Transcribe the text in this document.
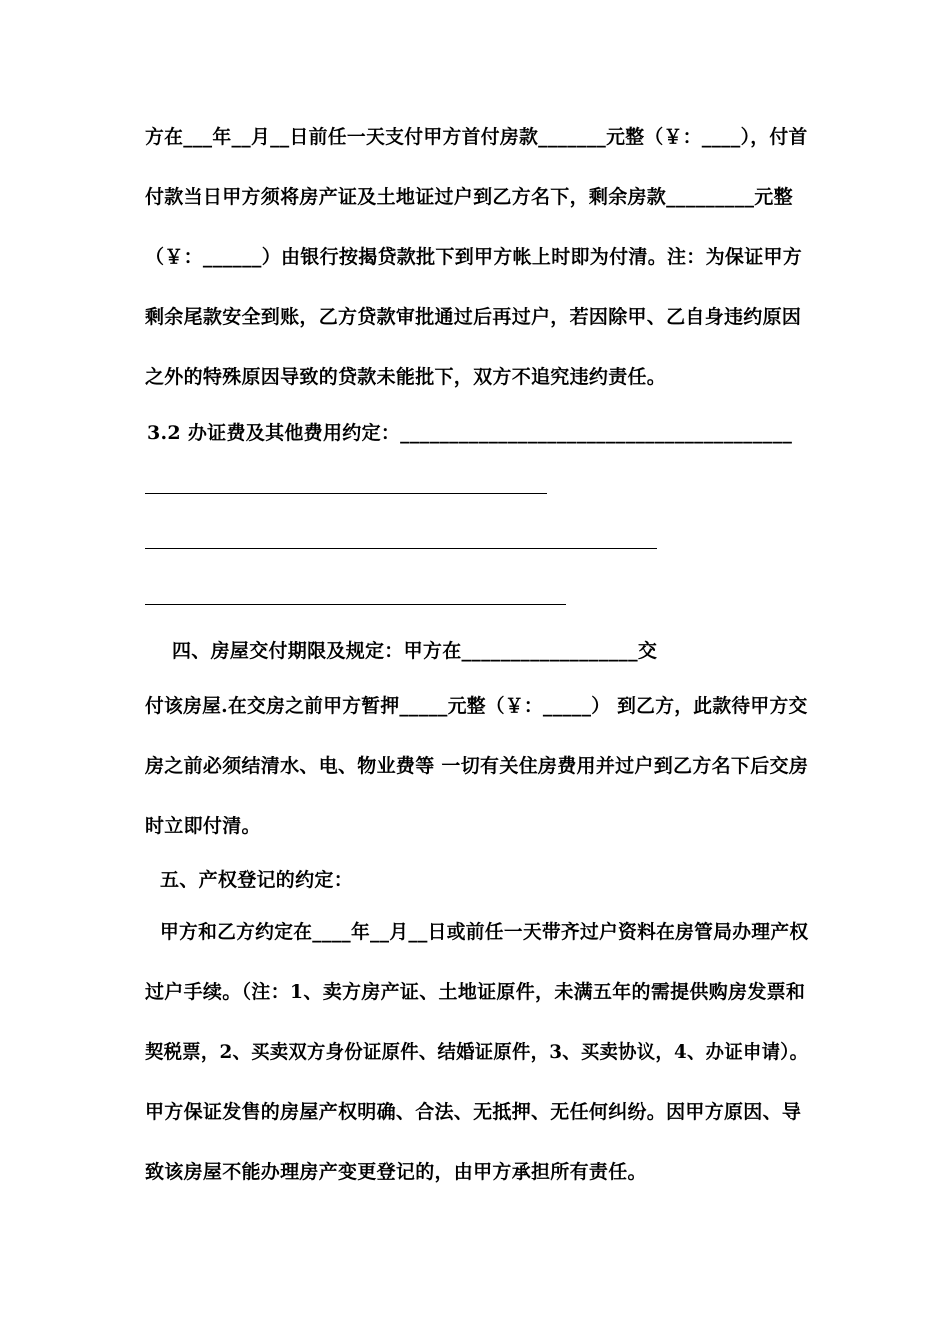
方在___年__月__日前任一天支付甲方首付房款_______元整（￥：____），付首
付款当日甲方须将房产证及土地证过户到乙方名下，剩余房款_________元整
（￥：______）由银行按揭贷款批下到甲方帐上时即为付清。注：为保证甲方
剩余尾款安全到账，乙方贷款审批通过后再过户，若因除甲、乙自身违约原因
之外的特殊原因导致的贷款未能批下，双方不追究违约责任。
3.2 办证费及其他费用约定：________________________________________
四、房屋交付期限及规定：甲方在__________________交
付该房屋.在交房之前甲方暂押_____元整（￥：_____） 到乙方，此款待甲方交
房之前必须结清水、电、物业费等 一切有关住房费用并过户到乙方名下后交房
时立即付清。
五、产权登记的约定：
甲方和乙方约定在____年__月__日或前任一天带齐过户资料在房管局办理产权
过户手续。（注：1、卖方房产证、土地证原件，未满五年的需提供购房发票和
契税票，2、买卖双方身份证原件、结婚证原件，3、买卖协议，4、办证申请）。
甲方保证发售的房屋产权明确、合法、无抵押、无任何纠纷。因甲方原因、导
致该房屋不能办理房产变更登记的，由甲方承担所有责任。
